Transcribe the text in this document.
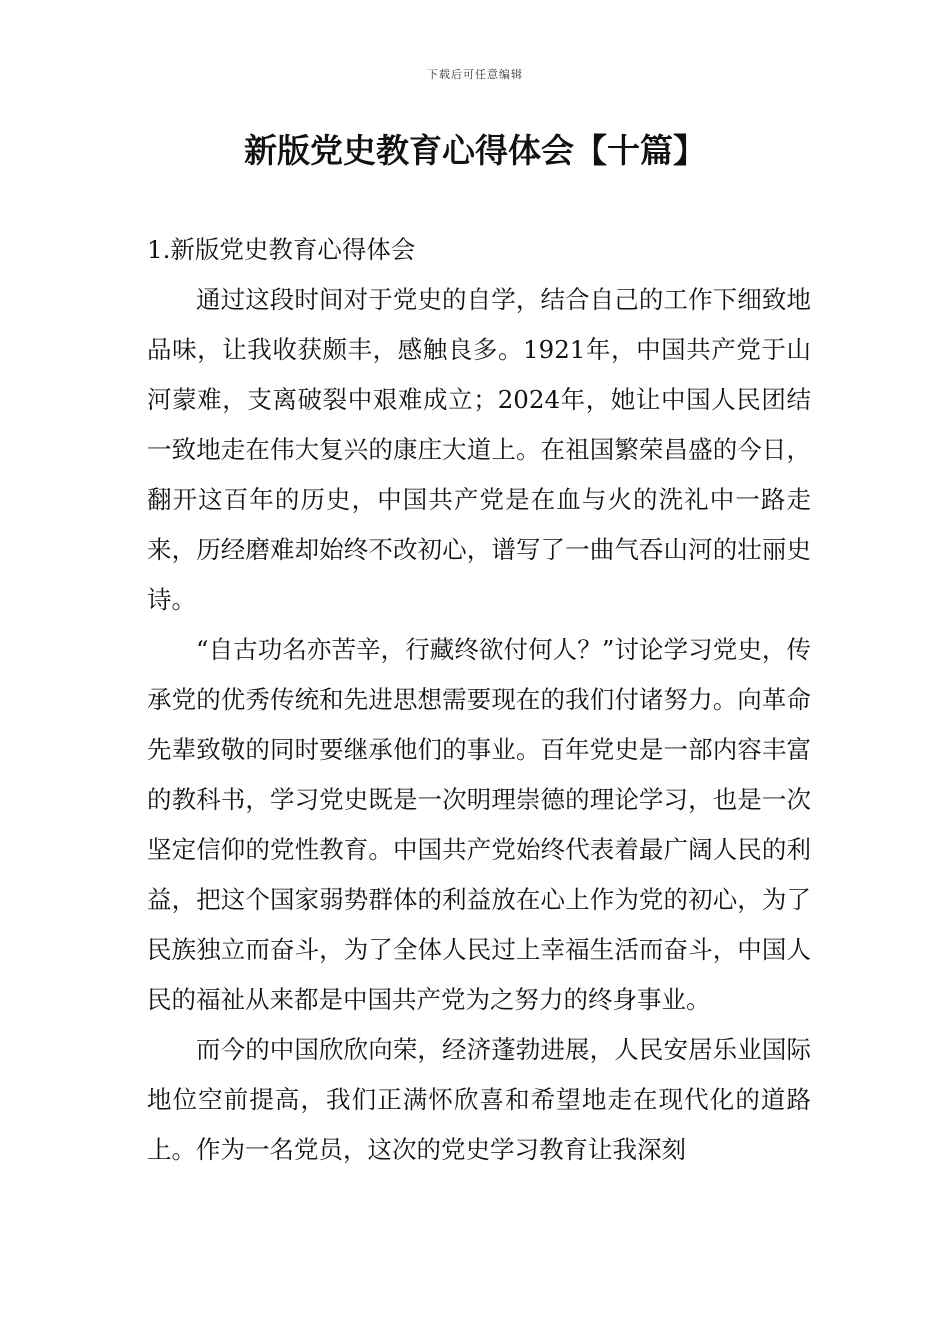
下载后可任意编辑
新版党史教育心得体会【十篇】

1.新版党史教育心得体会

通过这段时间对于党史的自学，结合自己的工作下细致地品味，让我收获颇丰，感触良多。1921年，中国共产党于山河蒙难，支离破裂中艰难成立；2024年，她让中国人民团结一致地走在伟大复兴的康庄大道上。在祖国繁荣昌盛的今日，翻开这百年的历史，中国共产党是在血与火的洗礼中一路走来，历经磨难却始终不改初心，谱写了一曲气吞山河的壮丽史诗。

“自古功名亦苦辛，行藏终欲付何人？”讨论学习党史，传承党的优秀传统和先进思想需要现在的我们付诸努力。向革命先辈致敬的同时要继承他们的事业。百年党史是一部内容丰富的教科书，学习党史既是一次明理崇德的理论学习，也是一次坚定信仰的党性教育。中国共产党始终代表着最广阔人民的利益，把这个国家弱势群体的利益放在心上作为党的初心，为了民族独立而奋斗，为了全体人民过上幸福生活而奋斗，中国人民的福祉从来都是中国共产党为之努力的终身事业。

而今的中国欣欣向荣，经济蓬勃进展，人民安居乐业国际地位空前提高，我们正满怀欣喜和希望地走在现代化的道路上。作为一名党员，这次的党史学习教育让我深刻
